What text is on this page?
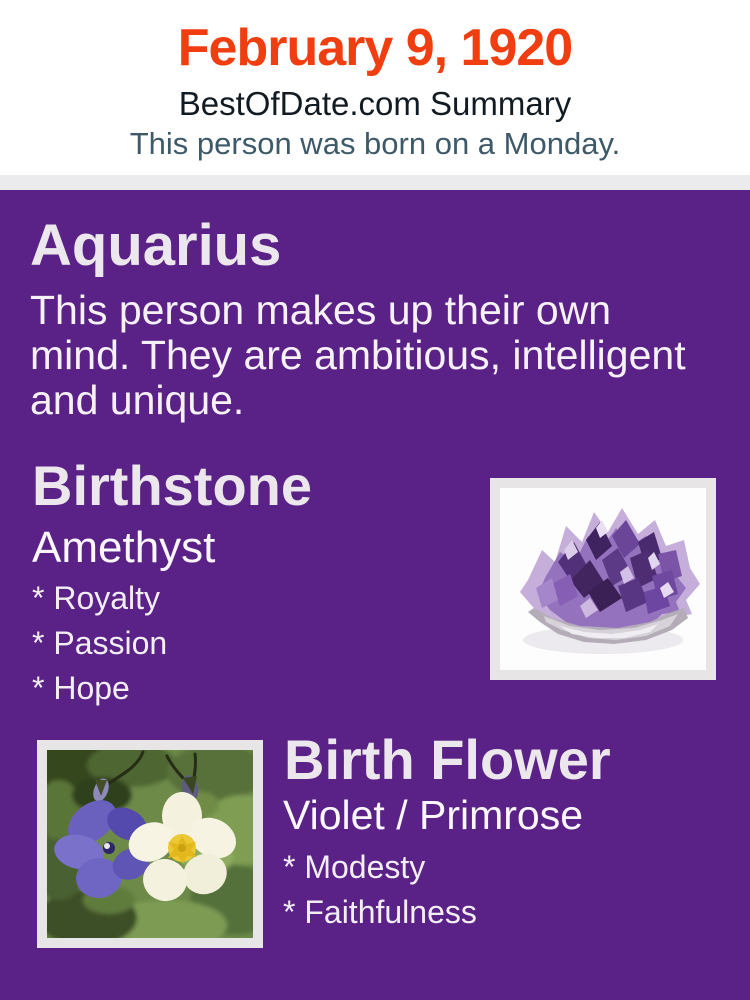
February 9, 1920
BestOfDate.com Summary
This person was born on a Monday.
Aquarius
This person makes up their own mind. They are ambitious, intelligent and unique.
Birthstone
Amethyst
* Royalty
* Passion
* Hope
Birth Flower
Violet / Primrose
* Modesty
* Faithfulness
